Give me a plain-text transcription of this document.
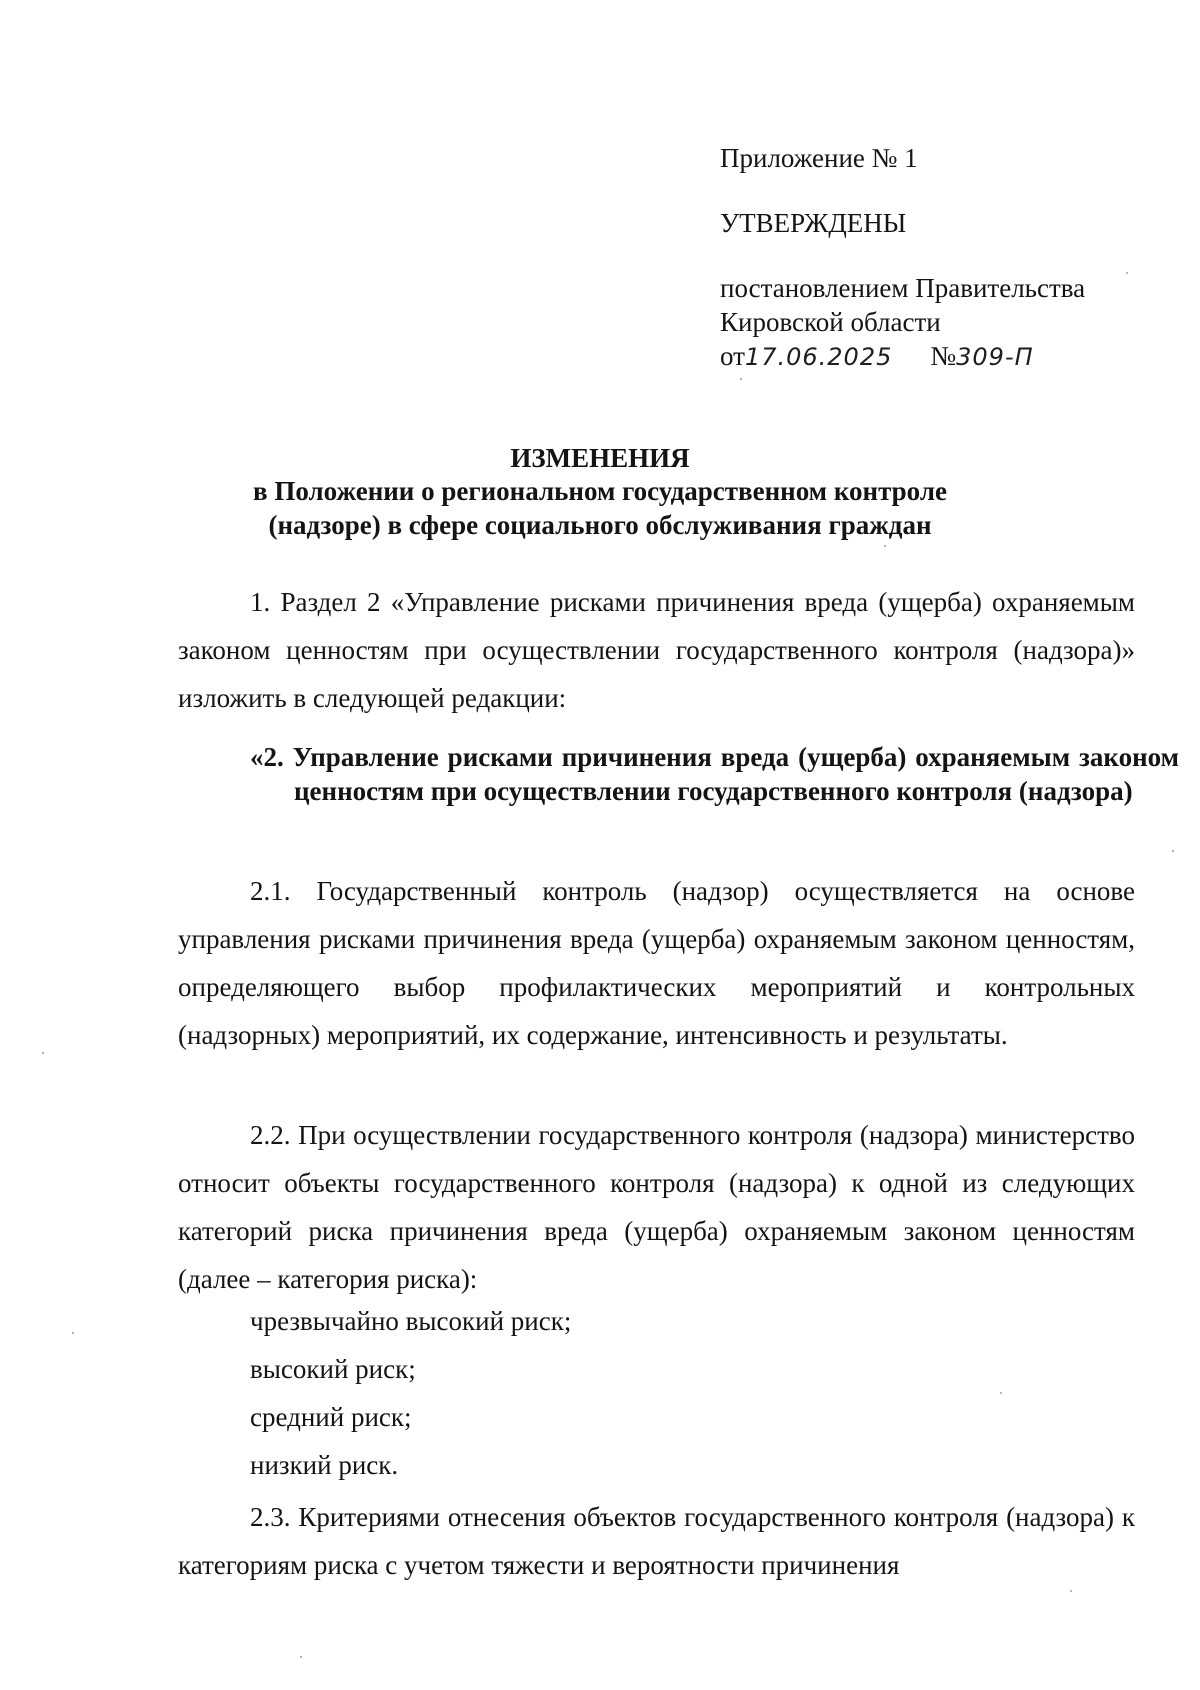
Приложение № 1
УТВЕРЖДЕНЫ
постановлением Правительства
Кировской области
от17.06.2025 №309-П
ИЗМЕНЕНИЯ
в Положении о региональном государственном контроле
(надзоре) в сфере социального обслуживания граждан
1. Раздел 2 «Управление рисками причинения вреда (ущерба) охраняемым законом ценностям при осуществлении государственного контроля (надзора)» изложить в следующей редакции:
«2. Управление рисками причинения вреда (ущерба) охраняемым законом ценностям при осуществлении государственного контроля (надзора)
2.1. Государственный контроль (надзор) осуществляется на основе управления рисками причинения вреда (ущерба) охраняемым законом ценностям, определяющего выбор профилактических мероприятий и контрольных (надзорных) мероприятий, их содержание, интенсивность и результаты.
2.2. При осуществлении государственного контроля (надзора) министерство относит объекты государственного контроля (надзора) к одной из следующих категорий риска причинения вреда (ущерба) охраняемым законом ценностям (далее – категория риска):
чрезвычайно высокий риск;
высокий риск;
средний риск;
низкий риск.
2.3. Критериями отнесения объектов государственного контроля (надзора) к категориям риска с учетом тяжести и вероятности причинения
